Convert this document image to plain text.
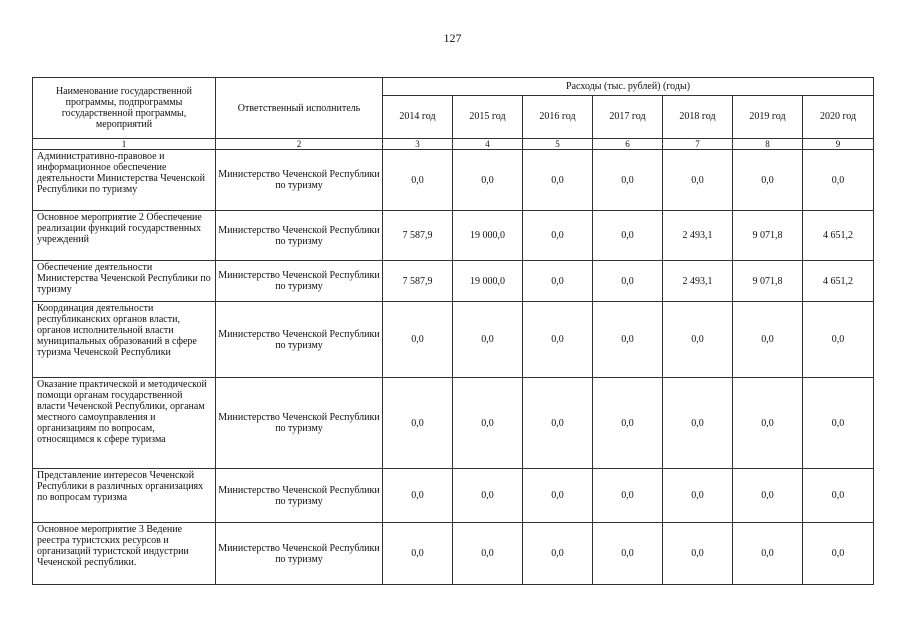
127
Наименование государственной программы, подпрограммы государственной программы, мероприятий	Ответственный исполнитель	Расходы (тыс. рублей) (годы)						
		2014 год	2015 год	2016 год	2017 год	2018 год	2019 год	2020 год
1	2	3	4	5	6	7	8	9
Административно-правовое и информационное обеспечение деятельности Министерства Чеченской Республики по туризму	Министерство Чеченской Республики по туризму	0,0	0,0	0,0	0,0	0,0	0,0	0,0
Основное мероприятие 2 Обеспечение реализации функций государственных учреждений	Министерство Чеченской Республики по туризму	7 587,9	19 000,0	0,0	0,0	2 493,1	9 071,8	4 651,2
Обеспечение деятельности Министерства Чеченской Республики по туризму	Министерство Чеченской Республики по туризму	7 587,9	19 000,0	0,0	0,0	2 493,1	9 071,8	4 651,2
Координация деятельности республиканских органов власти, органов исполнительной власти муниципальных образований в сфере туризма Чеченской Республики	Министерство Чеченской Республики по туризму	0,0	0,0	0,0	0,0	0,0	0,0	0,0
Оказание практической и методической помощи органам государственной власти Чеченской Республики, органам местного самоуправления и организациям по вопросам, относящимся к сфере туризма	Министерство Чеченской Республики по туризму	0,0	0,0	0,0	0,0	0,0	0,0	0,0
Представление интересов Чеченской Республики в различных организациях по вопросам туризма	Министерство Чеченской Республики по туризму	0,0	0,0	0,0	0,0	0,0	0,0	0,0
Основное мероприятие 3 Ведение реестра туристских ресурсов и организаций туристской индустрии Чеченской республики.	Министерство Чеченской Республики по туризму	0,0	0,0	0,0	0,0	0,0	0,0	0,0
